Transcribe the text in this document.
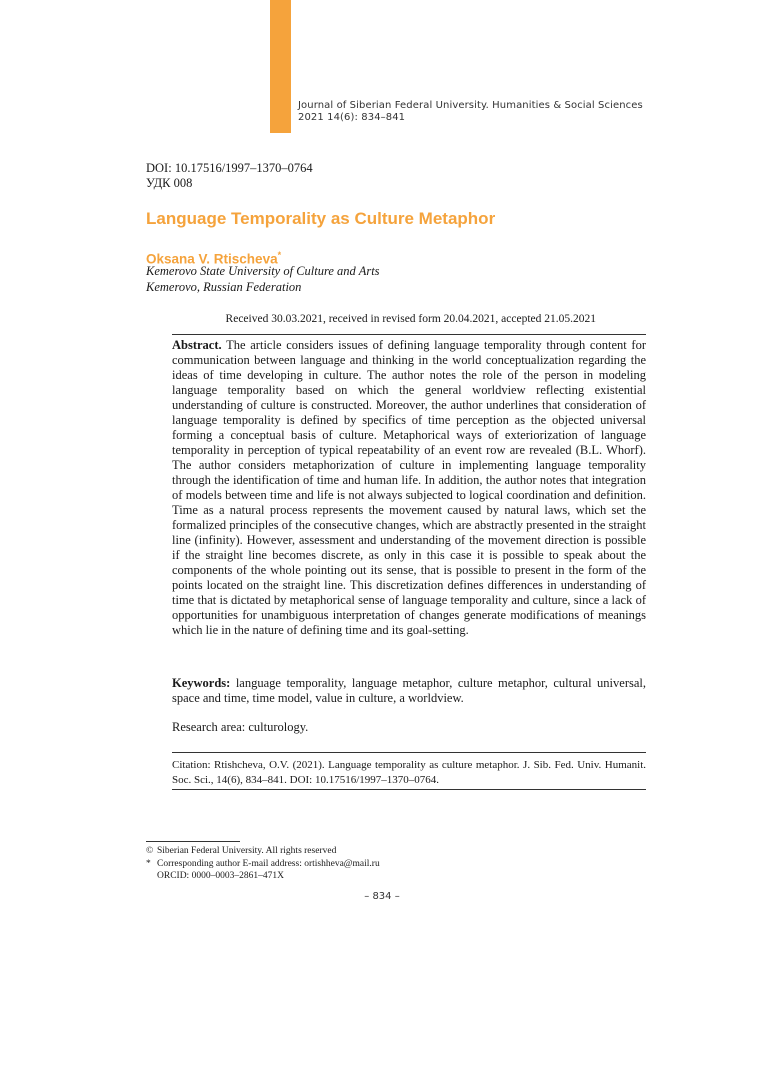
Journal of Siberian Federal University. Humanities & Social Sciences
2021 14(6): 834–841
DOI: 10.17516/1997–1370–0764
УДК 008
Language Temporality as Culture Metaphor
Oksana V. Rtischeva*
Kemerovo State University of Culture and Arts
Kemerovo, Russian Federation
Received 30.03.2021, received in revised form 20.04.2021, accepted 21.05.2021
Abstract. The article considers issues of defining language temporality through content for communication between language and thinking in the world conceptualization regarding the ideas of time developing in culture. The author notes the role of the person in modeling language temporality based on which the general worldview reflecting existential understanding of culture is constructed. Moreover, the author underlines that consideration of language temporality is defined by specifics of time perception as the objected universal forming a conceptual basis of culture. Metaphorical ways of exteriorization of language temporality in perception of typical repeatability of an event row are revealed (B.L. Whorf). The author considers metaphorization of culture in implementing language temporality through the identification of time and human life. In addition, the author notes that integration of models between time and life is not always subjected to logical coordination and definition. Time as a natural process represents the movement caused by natural laws, which set the formalized principles of the consecutive changes, which are abstractly presented in the straight line (infinity). However, assessment and understanding of the movement direction is possible if the straight line becomes discrete, as only in this case it is possible to speak about the components of the whole pointing out its sense, that is possible to present in the form of the points located on the straight line. This discretization defines differences in understanding of time that is dictated by metaphorical sense of language temporality and culture, since a lack of opportunities for unambiguous interpretation of changes generate modifications of meanings which lie in the nature of defining time and its goal-setting.
Keywords: language temporality, language metaphor, culture metaphor, cultural universal, space and time, time model, value in culture, a worldview.
Research area: culturology.
Citation: Rtishcheva, O.V. (2021). Language temporality as culture metaphor. J. Sib. Fed. Univ. Humanit. Soc. Sci., 14(6), 834–841. DOI: 10.17516/1997–1370–0764.
© Siberian Federal University. All rights reserved
* Corresponding author E-mail address: ortishheva@mail.ru
ORCID: 0000–0003–2861–471X
– 834 –
